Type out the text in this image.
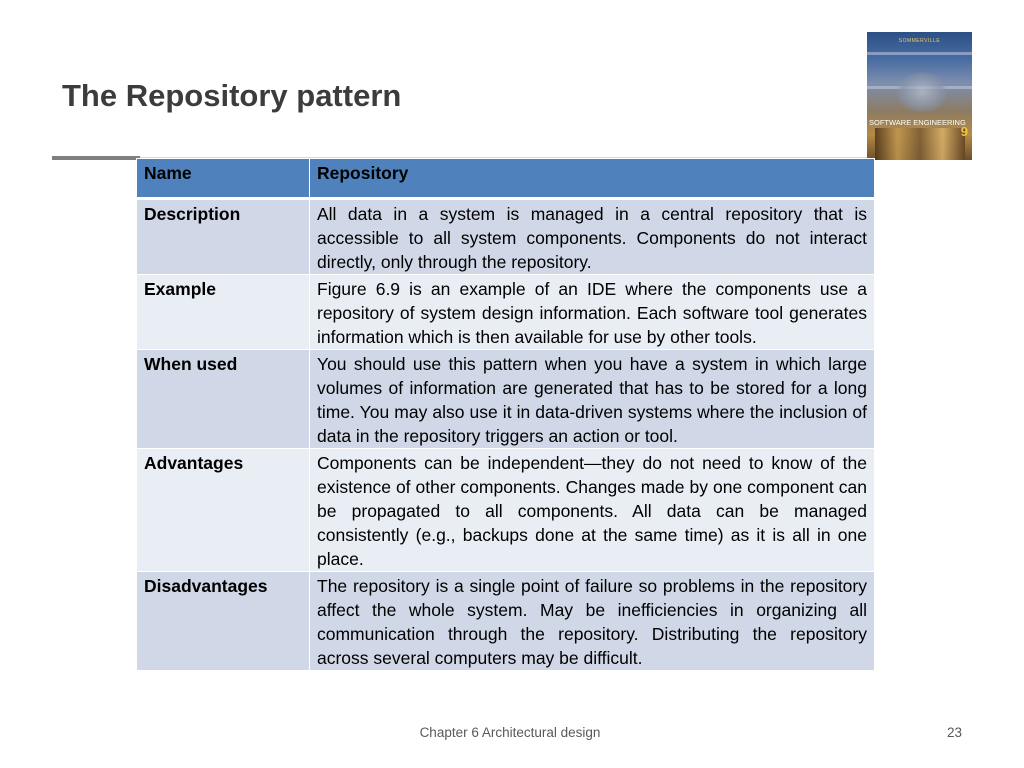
The Repository pattern
SOMMERVILLE
SOFTWARE ENGINEERING
9
Name	Repository
Description	All data in a system is managed in a central repository that is accessible to all system components. Components do not interact directly, only through the repository.
Example	Figure 6.9 is an example of an IDE where the components use a repository of system design information. Each software tool generates information which is then available for use by other tools.
When used	You should use this pattern when you have a system in which large volumes of information are generated that has to be stored for a long time. You may also use it in data-driven systems where the inclusion of data in the repository triggers an action or tool.
Advantages	Components can be independent—they do not need to know of the existence of other components. Changes made by one component can be propagated to all components. All data can be managed consistently (e.g., backups done at the same time) as it is all in one place.
Disadvantages	The repository is a single point of failure so problems in the repository affect the whole system. May be inefficiencies in organizing all communication through the repository. Distributing the repository across several computers may be difficult.
Chapter 6 Architectural design	23
